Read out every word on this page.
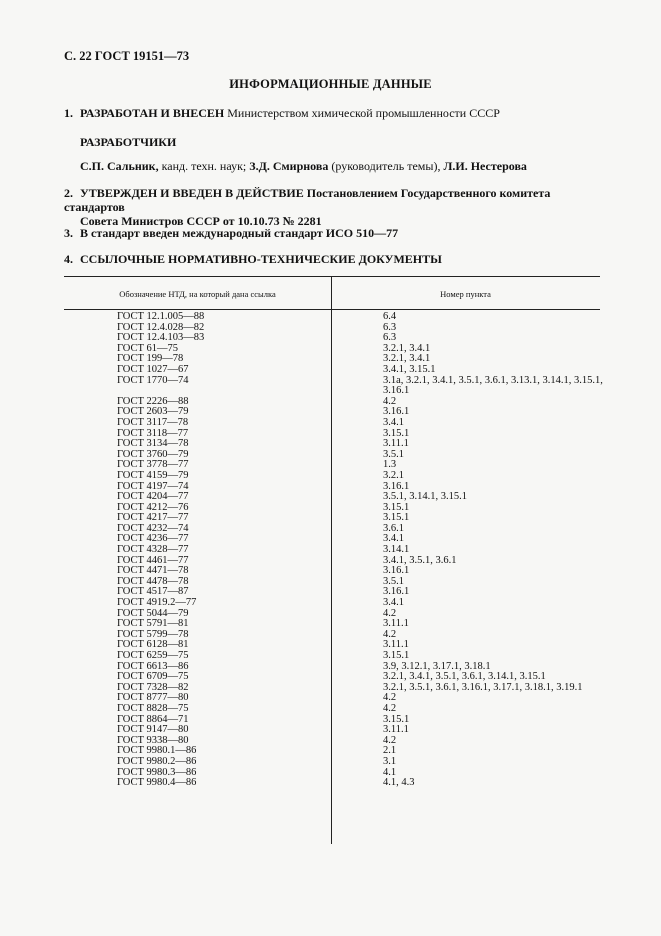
С. 22 ГОСТ 19151—73
ИНФОРМАЦИОННЫЕ ДАННЫЕ
1. РАЗРАБОТАН И ВНЕСЕН Министерством химической промышленности СССР
РАЗРАБОТЧИКИ
С.П. Сальник, канд. техн. наук; З.Д. Смирнова (руководитель темы), Л.И. Нестерова
2. УТВЕРЖДЕН И ВВЕДЕН В ДЕЙСТВИЕ Постановлением Государственного комитета стандартов
Совета Министров СССР от 10.10.73 № 2281
3. В стандарт введен международный стандарт ИСО 510—77
4. ССЫЛОЧНЫЕ НОРМАТИВНО-ТЕХНИЧЕСКИЕ ДОКУМЕНТЫ
Обозначение НТД, на который дана ссылка	Номер пункта
ГОСТ 12.1.005—88	6.4
ГОСТ 12.4.028—82	6.3
ГОСТ 12.4.103—83	6.3
ГОСТ 61—75	3.2.1, 3.4.1
ГОСТ 199—78	3.2.1, 3.4.1
ГОСТ 1027—67	3.4.1, 3.15.1
ГОСТ 1770—74	3.1а, 3.2.1, 3.4.1, 3.5.1, 3.6.1, 3.13.1, 3.14.1, 3.15.1, 3.16.1
ГОСТ 2226—88	4.2
ГОСТ 2603—79	3.16.1
ГОСТ 3117—78	3.4.1
ГОСТ 3118—77	3.15.1
ГОСТ 3134—78	3.11.1
ГОСТ 3760—79	3.5.1
ГОСТ 3778—77	1.3
ГОСТ 4159—79	3.2.1
ГОСТ 4197—74	3.16.1
ГОСТ 4204—77	3.5.1, 3.14.1, 3.15.1
ГОСТ 4212—76	3.15.1
ГОСТ 4217—77	3.15.1
ГОСТ 4232—74	3.6.1
ГОСТ 4236—77	3.4.1
ГОСТ 4328—77	3.14.1
ГОСТ 4461—77	3.4.1, 3.5.1, 3.6.1
ГОСТ 4471—78	3.16.1
ГОСТ 4478—78	3.5.1
ГОСТ 4517—87	3.16.1
ГОСТ 4919.2—77	3.4.1
ГОСТ 5044—79	4.2
ГОСТ 5791—81	3.11.1
ГОСТ 5799—78	4.2
ГОСТ 6128—81	3.11.1
ГОСТ 6259—75	3.15.1
ГОСТ 6613—86	3.9, 3.12.1, 3.17.1, 3.18.1
ГОСТ 6709—75	3.2.1, 3.4.1, 3.5.1, 3.6.1, 3.14.1, 3.15.1
ГОСТ 7328—82	3.2.1, 3.5.1, 3.6.1, 3.16.1, 3.17.1, 3.18.1, 3.19.1
ГОСТ 8777—80	4.2
ГОСТ 8828—75	4.2
ГОСТ 8864—71	3.15.1
ГОСТ 9147—80	3.11.1
ГОСТ 9338—80	4.2
ГОСТ 9980.1—86	2.1
ГОСТ 9980.2—86	3.1
ГОСТ 9980.3—86	4.1
ГОСТ 9980.4—86	4.1, 4.3
